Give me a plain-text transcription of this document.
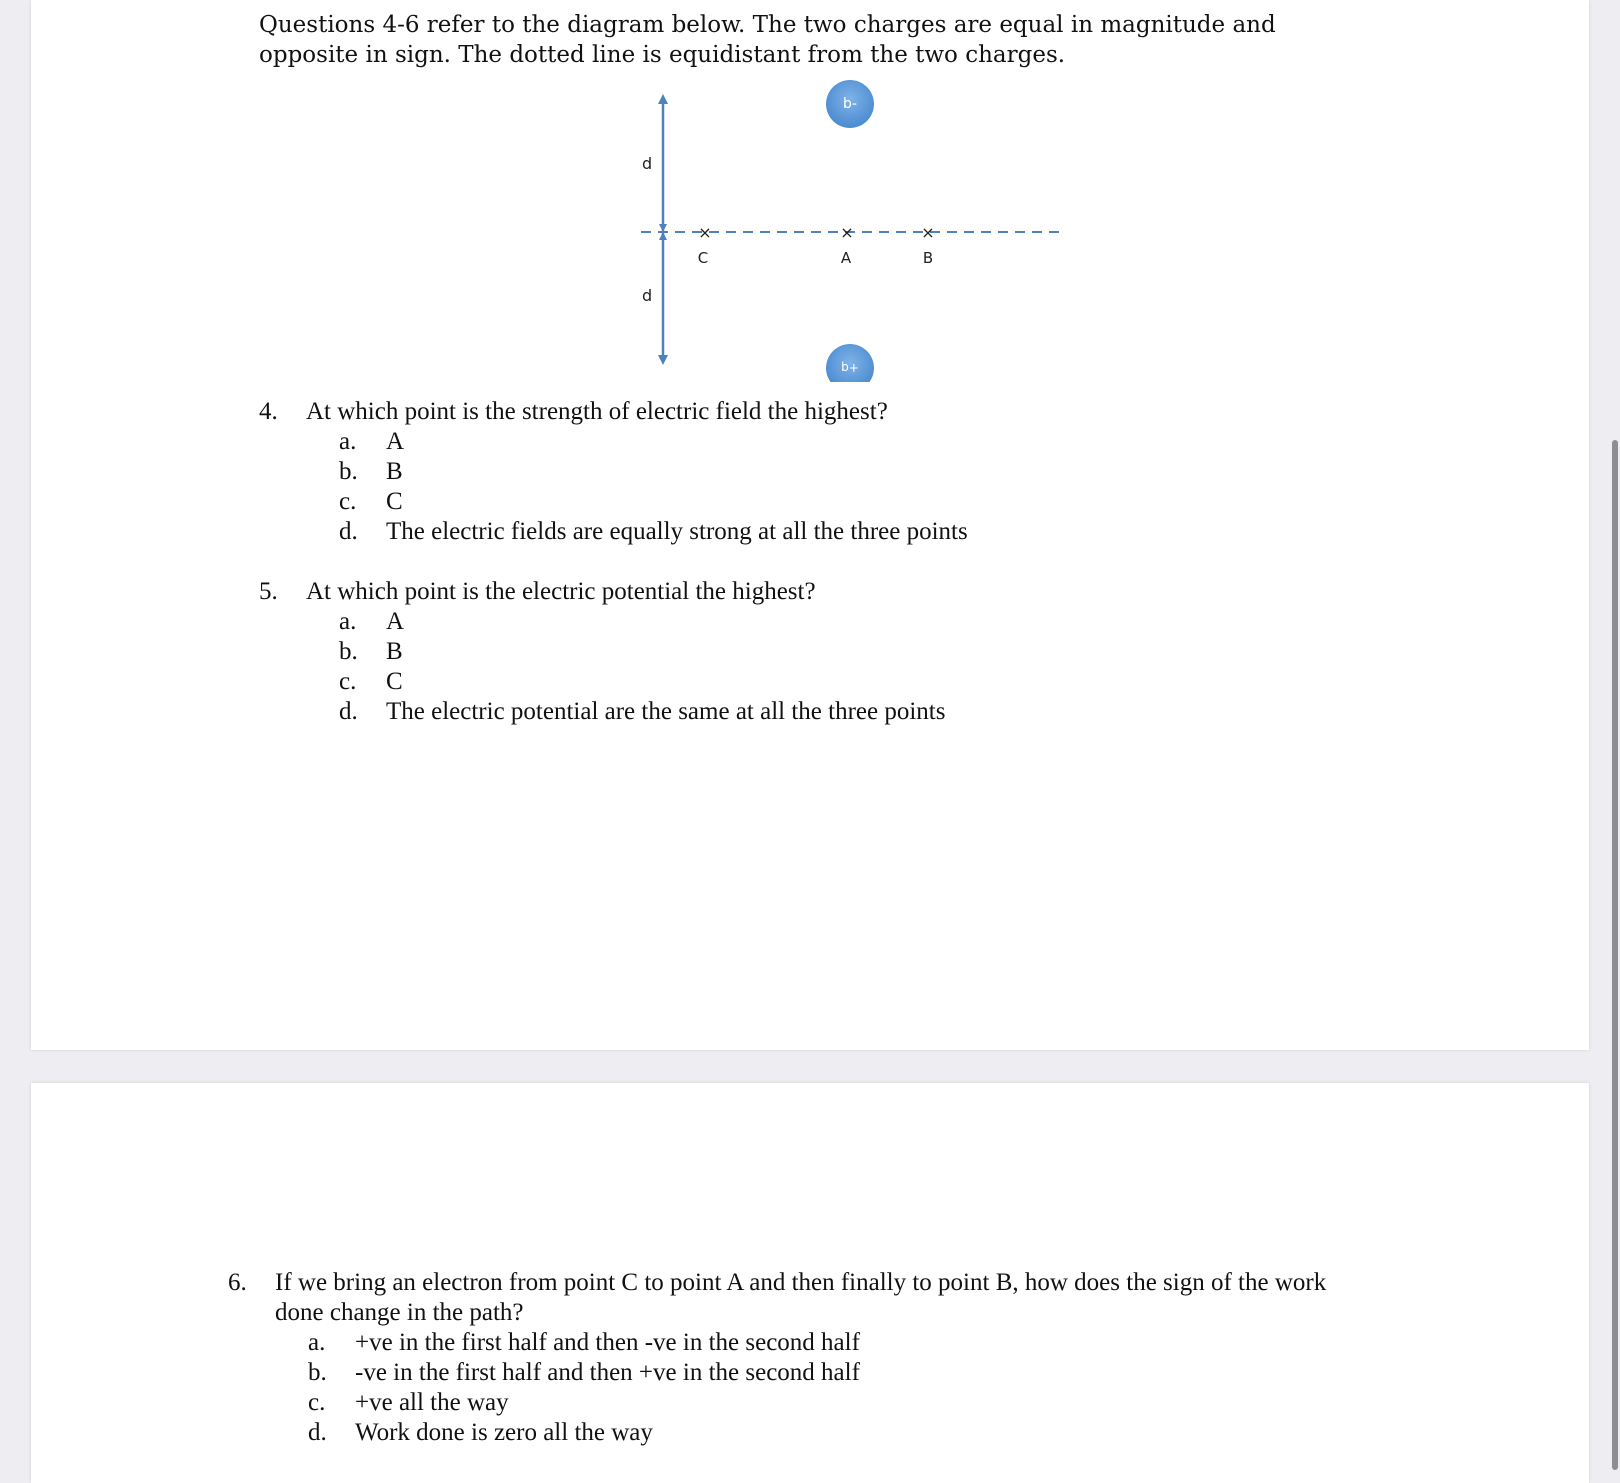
Questions 4-6 refer to the diagram below. The two charges are equal in magnitude and opposite in sign. The dotted line is equidistant from the two charges.

d
d
×	×	×
C	A	B
-q
+q
4. At which point is the strength of electric field the highest?
a. A
b. B
c. C
d. The electric fields are equally strong at all the three points
5. At which point is the electric potential the highest?
a. A
b. B
c. C
d. The electric potential are the same at all the three points
6. If we bring an electron from point C to point A and then finally to point B, how does the sign of the work done change in the path?
a. +ve in the first half and then -ve in the second half
b. -ve in the first half and then +ve in the second half
c. +ve all the way
d. Work done is zero all the way
